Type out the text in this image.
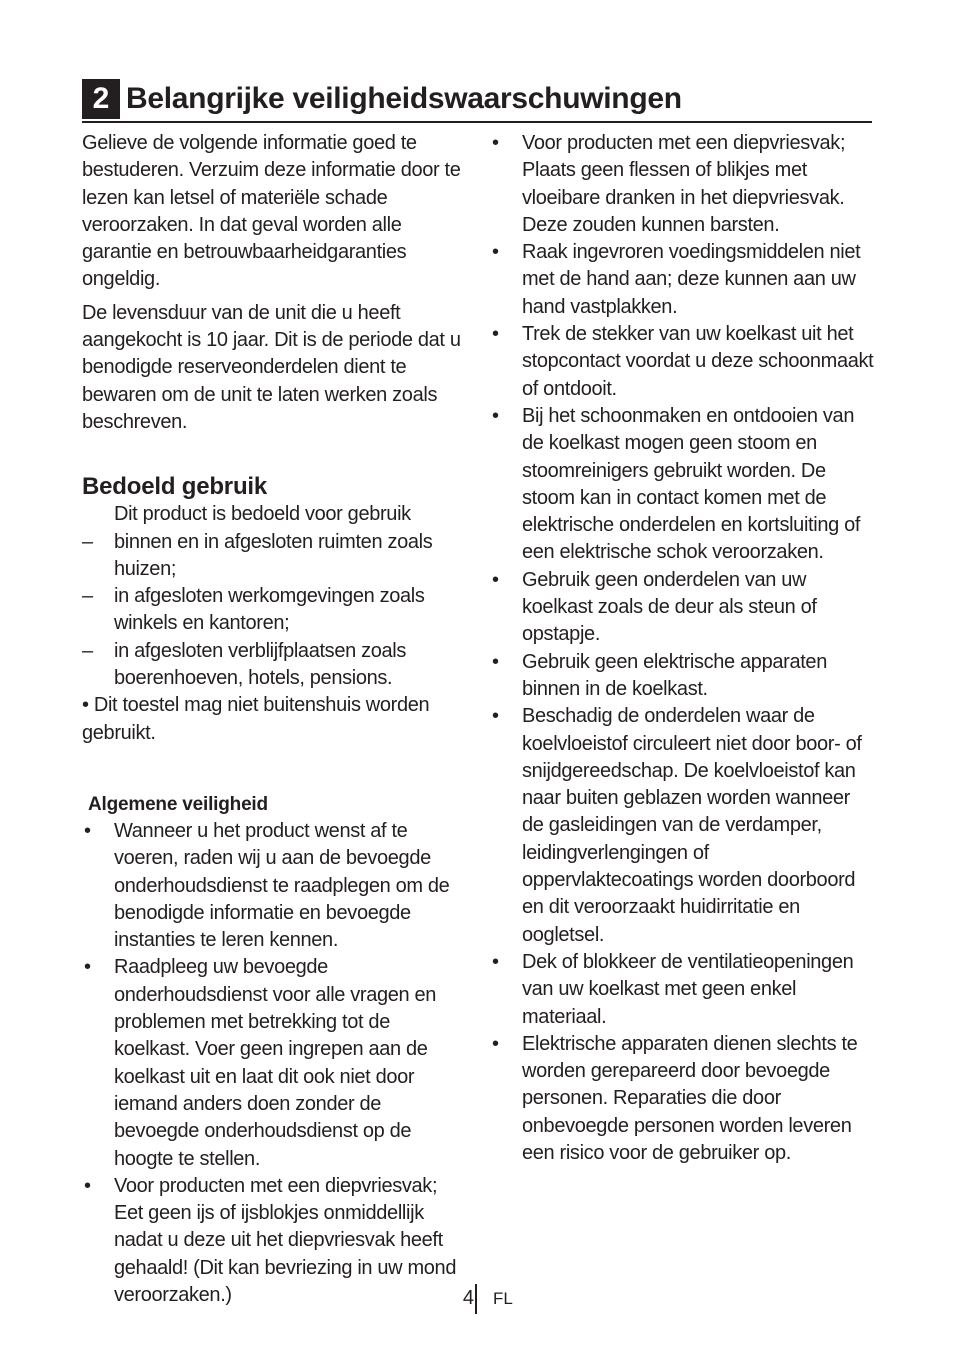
2 Belangrijke veiligheidswaarschuwingen

Gelieve de volgende informatie goed te bestuderen. Verzuim deze informatie door te lezen kan letsel of materiële schade veroorzaken. In dat geval worden alle garantie en betrouwbaarheidgaranties ongeldig.

De levensduur van de unit die u heeft aangekocht is 10 jaar. Dit is de periode dat u benodigde reserveonderdelen dient te bewaren om de unit te laten werken zoals beschreven.

Bedoeld gebruik

Dit product is bedoeld voor gebruik

–	binnen en in afgesloten ruimten zoals huizen;
–	in afgesloten werkomgevingen zoals winkels en kantoren;
–	in afgesloten verblijfplaatsen zoals boerenhoeven, hotels, pensions.

• Dit toestel mag niet buitenshuis worden gebruikt.

Algemene veiligheid
•	Wanneer u het product wenst af te voeren, raden wij u aan de bevoegde onderhoudsdienst te raadplegen om de benodigde informatie en bevoegde instanties te leren kennen.
•	Raadpleeg uw bevoegde onderhoudsdienst voor alle vragen en problemen met betrekking tot de koelkast. Voer geen ingrepen aan de koelkast uit en laat dit ook niet door iemand anders doen zonder de bevoegde onderhoudsdienst op de hoogte te stellen.
•	Voor producten met een diepvriesvak; Eet geen ijs of ijsblokjes onmiddellijk nadat u deze uit het diepvriesvak heeft gehaald! (Dit kan bevriezing in uw mond veroorzaken.)
•	Voor producten met een diepvriesvak; Plaats geen flessen of blikjes met vloeibare dranken in het diepvriesvak. Deze zouden kunnen barsten.
•	Raak ingevroren voedingsmiddelen niet met de hand aan; deze kunnen aan uw hand vastplakken.
•	Trek de stekker van uw koelkast uit het stopcontact voordat u deze schoonmaakt of ontdooit.
•	Bij het schoonmaken en ontdooien van de koelkast mogen geen stoom en stoomreinigers gebruikt worden. De stoom kan in contact komen met de elektrische onderdelen en kortsluiting of een elektrische schok veroorzaken.
•	Gebruik geen onderdelen van uw koelkast zoals de deur als steun of opstapje.
•	Gebruik geen elektrische apparaten binnen in de koelkast.
•	Beschadig de onderdelen waar de koelvloeistof circuleert niet door boor- of snijdgereedschap. De koelvloeistof kan naar buiten geblazen worden wanneer de gasleidingen van de verdamper, leidingverlengingen of oppervlaktecoatings worden doorboord en dit veroorzaakt huidirritatie en oogletsel.
•	Dek of blokkeer de ventilatieopeningen van uw koelkast met geen enkel materiaal.
•	Elektrische apparaten dienen slechts te worden gerepareerd door bevoegde personen. Reparaties die door onbevoegde personen worden leveren een risico voor de gebruiker op.
4 FL
